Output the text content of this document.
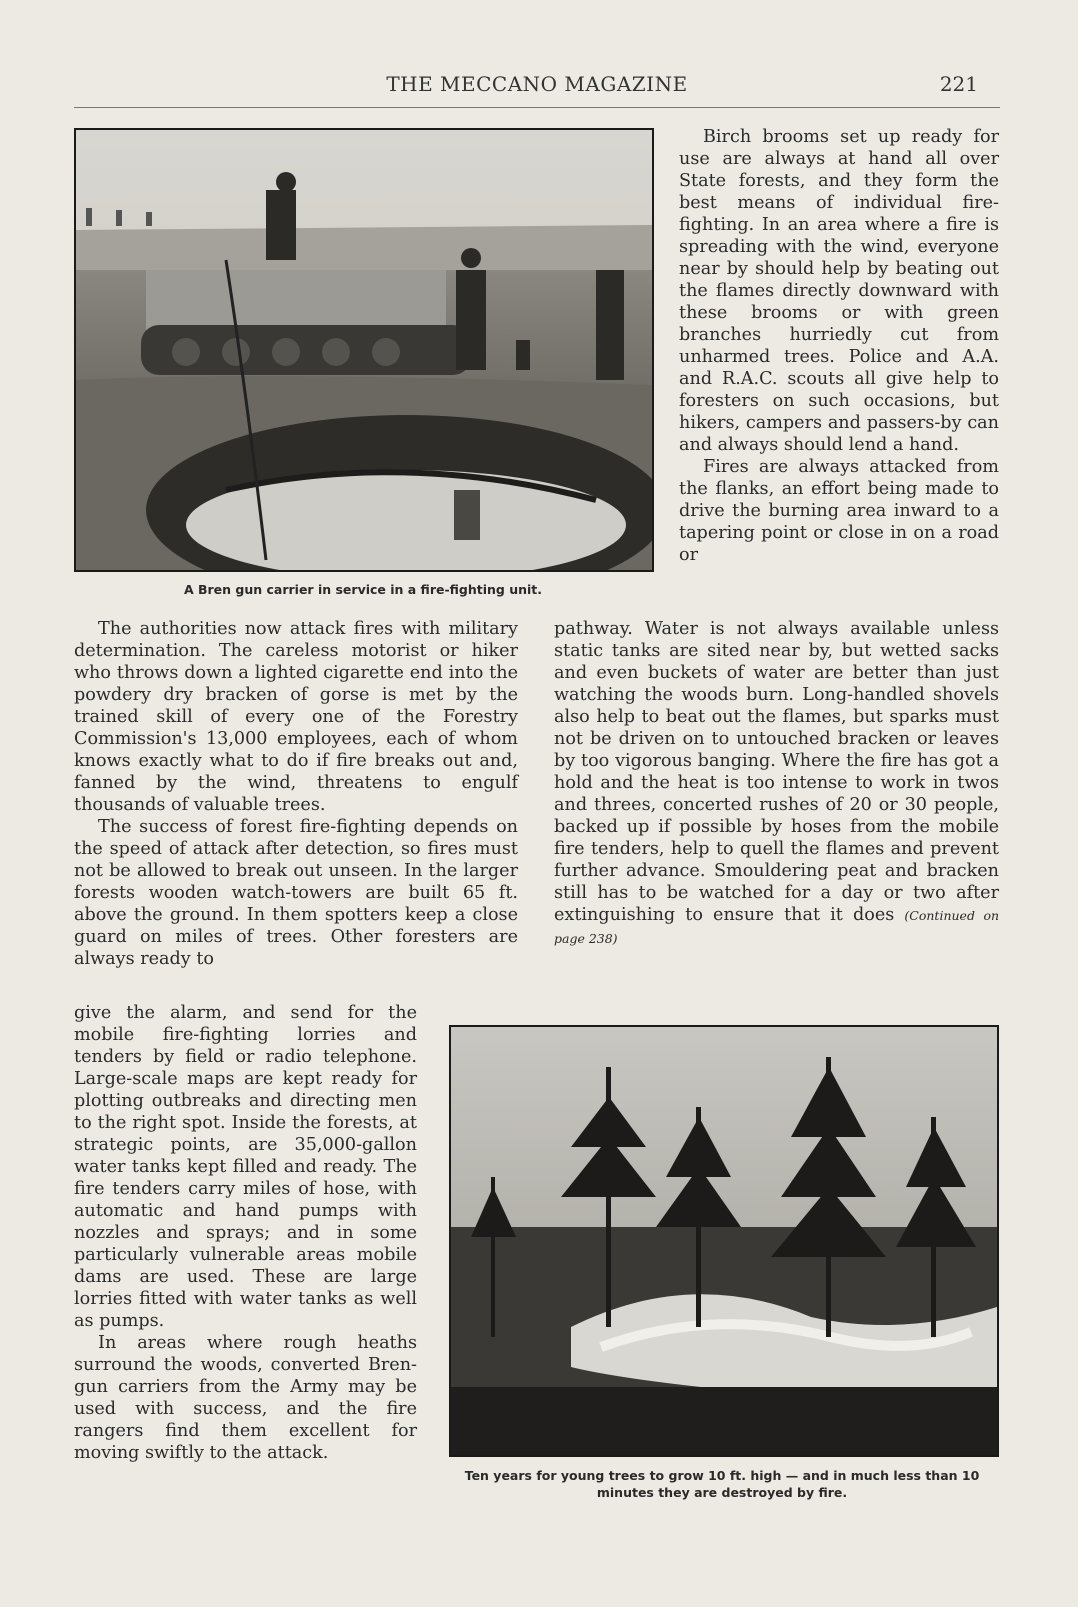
THE MECCANO MAGAZINE	221
A Bren gun carrier in service in a fire-fighting unit.

Birch brooms set up ready for use are always at hand all over State forests, and they form the best means of individual fire-fighting. In an area where a fire is spreading with the wind, everyone near by should help by beating out the flames directly downward with these brooms or with green branches hurriedly cut from unharmed trees. Police and A.A. and R.A.C. scouts all give help to foresters on such occasions, but hikers, campers and passers-by can and always should lend a hand.

Fires are always attacked from the flanks, an effort being made to drive the burning area inward to a tapering point or close in on a road or

pathway. Water is not always available unless static tanks are sited near by, but wetted sacks and even buckets of water are better than just watching the woods burn. Long-handled shovels also help to beat out the flames, but sparks must not be driven on to untouched bracken or leaves by too vigorous banging. Where the fire has got a hold and the heat is too intense to work in twos and threes, concerted rushes of 20 or 30 people, backed up if possible by hoses from the mobile fire tenders, help to quell the flames and prevent further advance. Smouldering peat and bracken still has to be watched for a day or two after extinguishing to ensure that it does (Continued on page 238)

The authorities now attack fires with military determination. The careless motorist or hiker who throws down a lighted cigarette end into the powdery dry bracken of gorse is met by the trained skill of every one of the Forestry Commission's 13,000 employees, each of whom knows exactly what to do if fire breaks out and, fanned by the wind, threatens to engulf thousands of valuable trees.

The success of forest fire-fighting depends on the speed of attack after detection, so fires must not be allowed to break out unseen. In the larger forests wooden watch-towers are built 65 ft. above the ground. In them spotters keep a close guard on miles of trees. Other foresters are always ready to

give the alarm, and send for the mobile fire-fighting lorries and tenders by field or radio telephone. Large-scale maps are kept ready for plotting outbreaks and directing men to the right spot. Inside the forests, at strategic points, are 35,000-gallon water tanks kept filled and ready. The fire tenders carry miles of hose, with automatic and hand pumps with nozzles and sprays; and in some particularly vulnerable areas mobile dams are used. These are large lorries fitted with water tanks as well as pumps.

In areas where rough heaths surround the woods, converted Bren-gun carriers from the Army may be used with success, and the fire rangers find them excellent for moving swiftly to the attack.

Ten years for young trees to grow 10 ft. high — and in much less than 10 minutes they are destroyed by fire.
